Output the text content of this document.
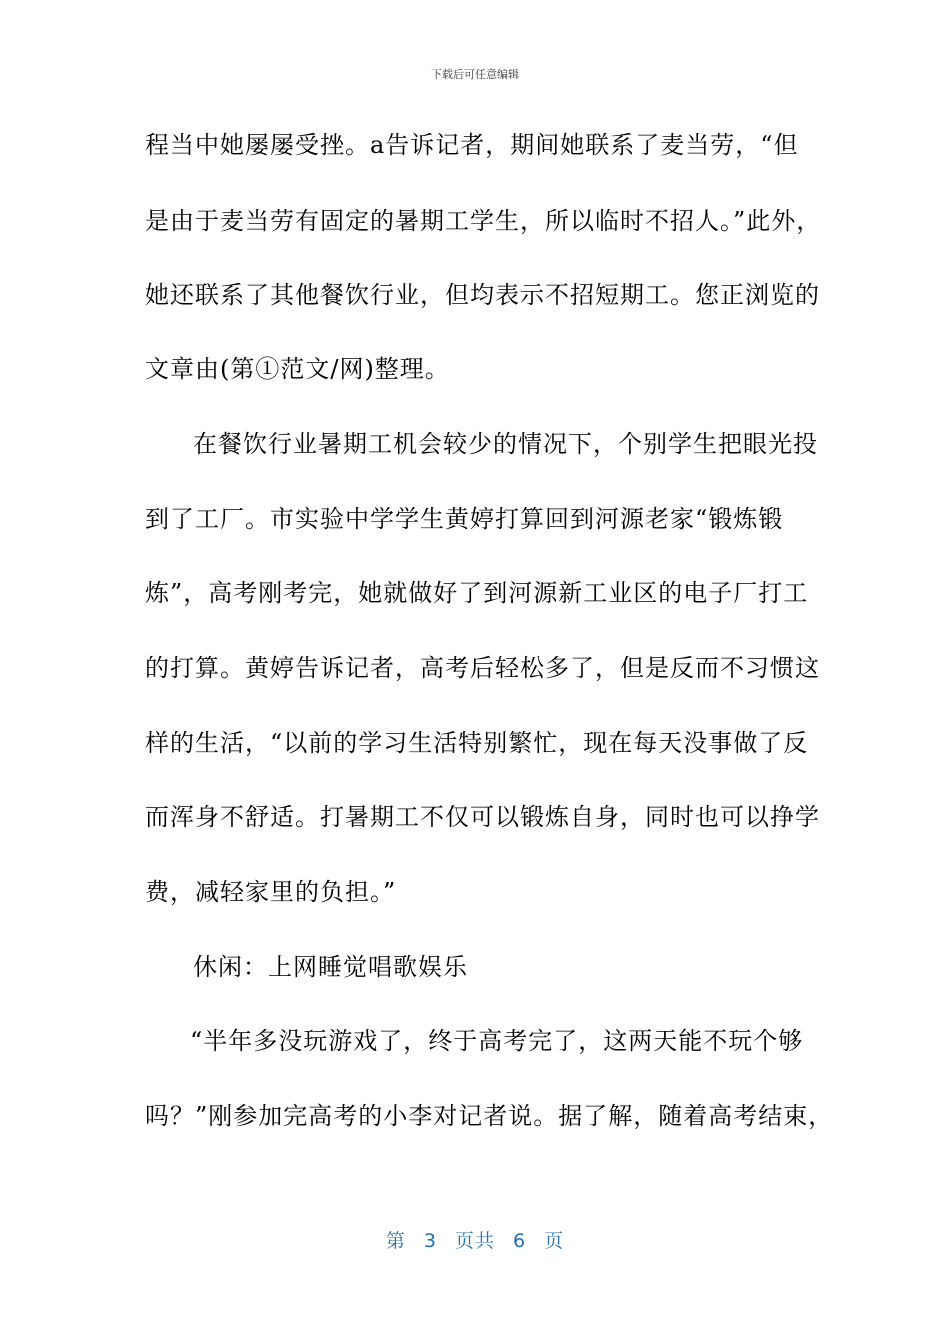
下载后可任意编辑
程当中她屡屡受挫。a告诉记者，期间她联系了麦当劳，“但
是由于麦当劳有固定的暑期工学生，所以临时不招人。”此外，
她还联系了其他餐饮行业，但均表示不招短期工。您正浏览的
文章由(第①范文/网)整理。
在餐饮行业暑期工机会较少的情况下，个别学生把眼光投
到了工厂。市实验中学学生黄婷打算回到河源老家“锻炼锻
炼”，高考刚考完，她就做好了到河源新工业区的电子厂打工
的打算。黄婷告诉记者，高考后轻松多了，但是反而不习惯这
样的生活，“以前的学习生活特别繁忙，现在每天没事做了反
而浑身不舒适。打暑期工不仅可以锻炼自身，同时也可以挣学
费，减轻家里的负担。”
休闲：上网睡觉唱歌娱乐
“半年多没玩游戏了，终于高考完了，这两天能不玩个够
吗？”刚参加完高考的小李对记者说。据了解，随着高考结束，
第 3 页共 6 页
